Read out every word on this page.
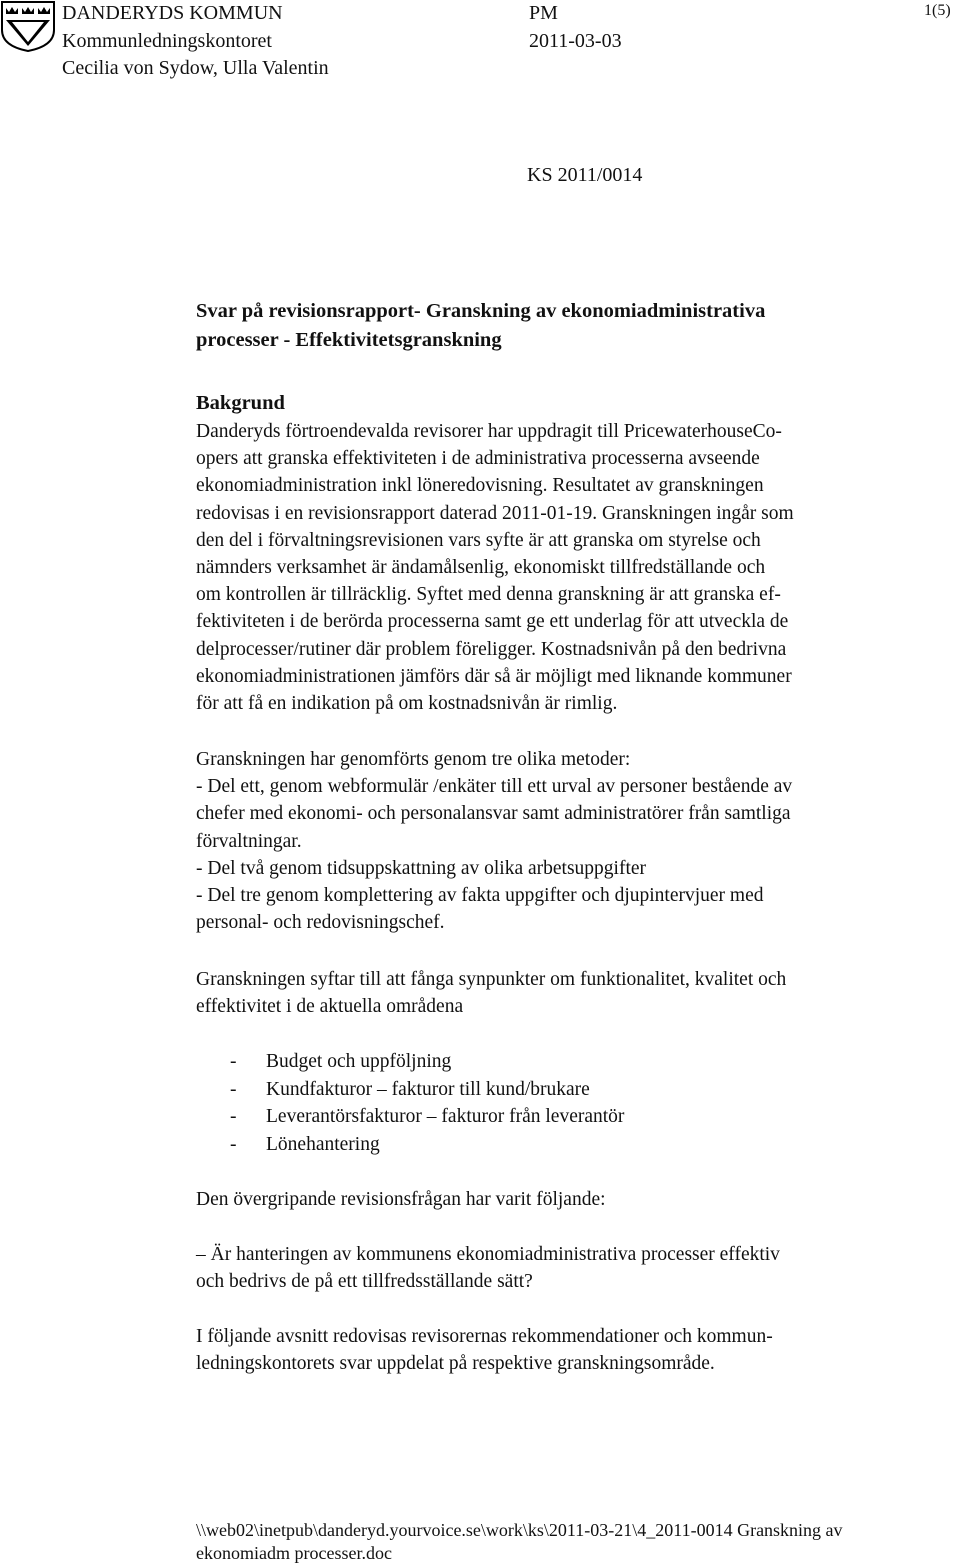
DANDERYDS KOMMUN
Kommunledningskontoret
Cecilia von Sydow, Ulla Valentin
PM
2011-03-03
1(5)
KS 2011/0014

Svar på revisionsrapport- Granskning av ekonomiadministrativa

processer - Effektivitetsgranskning

Bakgrund

Danderyds förtroendevalda revisorer har uppdragit till PricewaterhouseCo-

opers att granska effektiviteten i de administrativa processerna avseende

ekonomiadministration inkl löneredovisning. Resultatet av granskningen

redovisas i en revisionsrapport daterad 2011-01-19. Granskningen ingår som

den del i förvaltningsrevisionen vars syfte är att granska om styrelse och

nämnders verksamhet är ändamålsenlig, ekonomiskt tillfredställande och

om kontrollen är tillräcklig. Syftet med denna granskning är att granska ef-

fektiviteten i de berörda processerna samt ge ett underlag för att utveckla de

delprocesser/rutiner där problem föreligger. Kostnadsnivån på den bedrivna

ekonomiadministrationen jämförs där så är möjligt med liknande kommuner

för att få en indikation på om kostnadsnivån är rimlig.

Granskningen har genomförts genom tre olika metoder:

- Del ett, genom webformulär /enkäter till ett urval av personer bestående av

chefer med ekonomi- och personalansvar samt administratörer från samtliga

förvaltningar.

- Del två genom tidsuppskattning av olika arbetsuppgifter

- Del tre genom komplettering av fakta uppgifter och djupintervjuer med

personal- och redovisningschef.

Granskningen syftar till att fånga synpunkter om funktionalitet, kvalitet och

effektivitet i de aktuella områdena

-	Budget och uppföljning
-	Kundfakturor – fakturor till kund/brukare
-	Leverantörsfakturor – fakturor från leverantör
-	Lönehantering

Den övergripande revisionsfrågan har varit följande:

– Är hanteringen av kommunens ekonomiadministrativa processer effektiv

och bedrivs de på ett tillfredsställande sätt?

I följande avsnitt redovisas revisorernas rekommendationer och kommun-

ledningskontorets svar uppdelat på respektive granskningsområde.

\\web02\inetpub\danderyd.yourvoice.se\work\ks\2011-03-21\4_2011-0014 Granskning av
ekonomiadm processer.doc
